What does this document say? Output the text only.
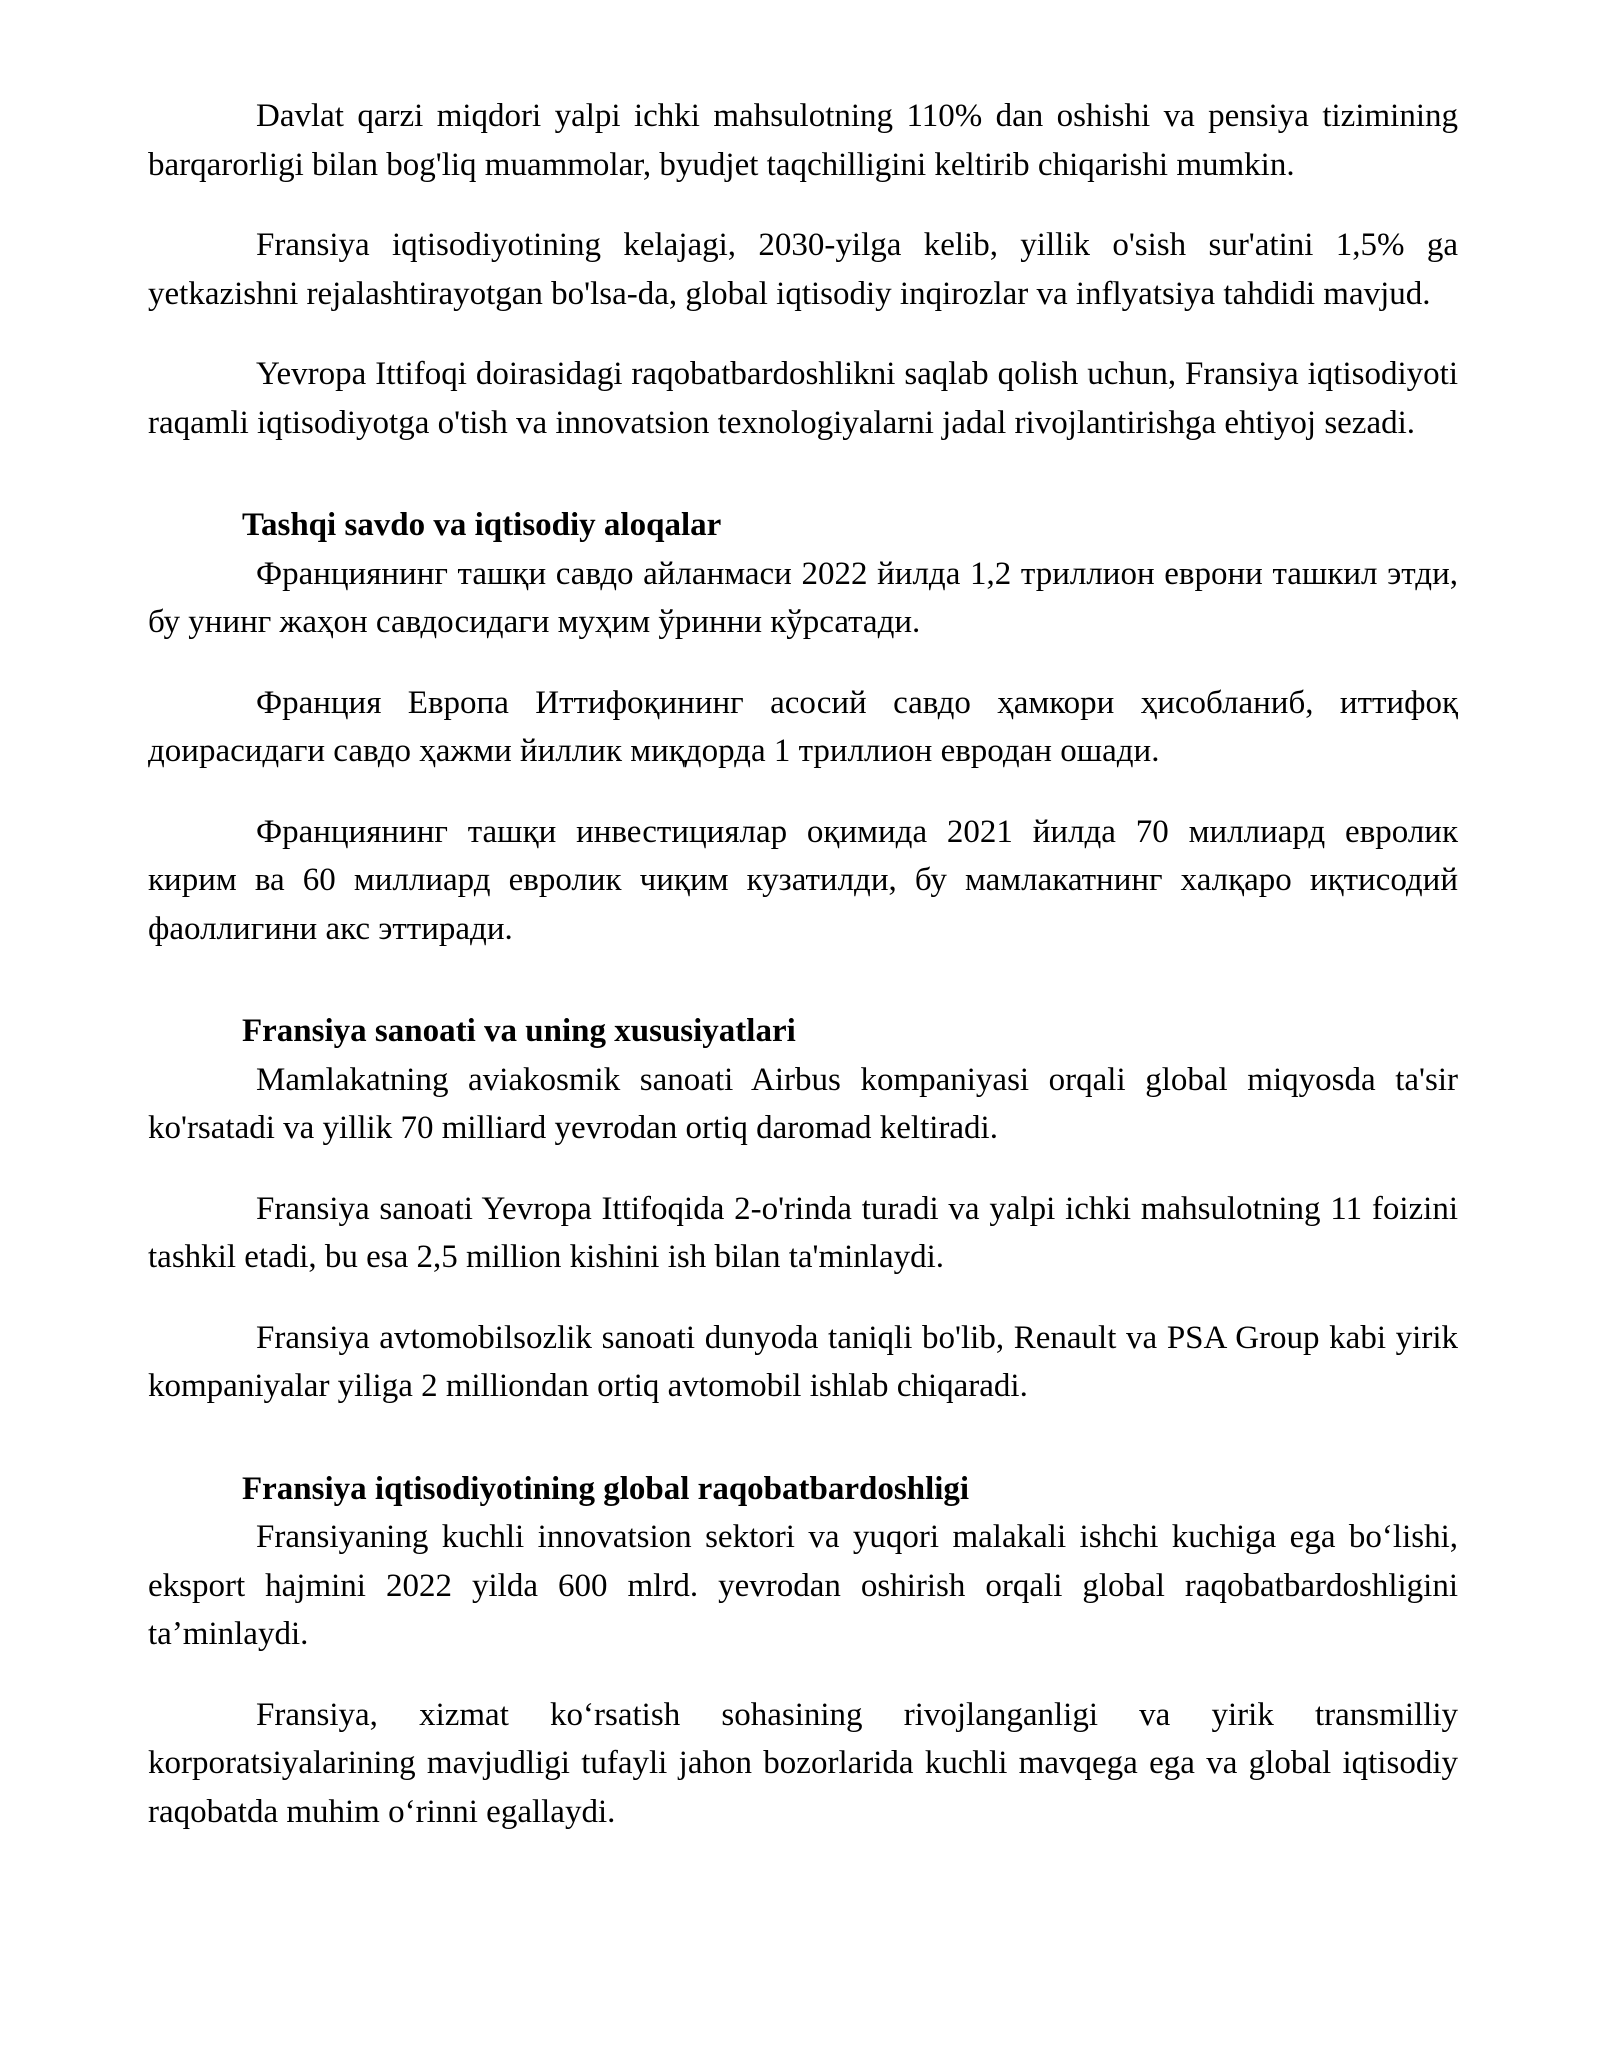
Davlat qarzi miqdori yalpi ichki mahsulotning 110% dan oshishi va pensiya tizimining barqarorligi bilan bog'liq muammolar, byudjet taqchilligini keltirib chiqarishi mumkin.

Fransiya iqtisodiyotining kelajagi, 2030-yilga kelib, yillik o'sish sur'atini 1,5% ga yetkazishni rejalashtirayotgan bo'lsa-da, global iqtisodiy inqirozlar va inflyatsiya tahdidi mavjud.

Yevropa Ittifoqi doirasidagi raqobatbardoshlikni saqlab qolish uchun, Fransiya iqtisodiyoti raqamli iqtisodiyotga o'tish va innovatsion texnologiyalarni jadal rivojlantirishga ehtiyoj sezadi.

Tashqi savdo va iqtisodiy aloqalar

Франциянинг ташқи савдо айланмаси 2022 йилда 1,2 триллион еврони ташкил этди, бу унинг жаҳон савдосидаги муҳим ўринни кўрсатади.

Франция Европа Иттифоқининг асосий савдо ҳамкори ҳисобланиб, иттифоқ доирасидаги савдо ҳажми йиллик миқдорда 1 триллион евродан ошади.

Франциянинг ташқи инвестициялар оқимида 2021 йилда 70 миллиард евролик кирим ва 60 миллиард евролик чиқим кузатилди, бу мамлакатнинг халқаро иқтисодий фаоллигини акс эттиради.

Fransiya sanoati va uning xususiyatlari

Mamlakatning aviakosmik sanoati Airbus kompaniyasi orqali global miqyosda ta'sir ko'rsatadi va yillik 70 milliard yevrodan ortiq daromad keltiradi.

Fransiya sanoati Yevropa Ittifoqida 2-o'rinda turadi va yalpi ichki mahsulotning 11 foizini tashkil etadi, bu esa 2,5 million kishini ish bilan ta'minlaydi.

Fransiya avtomobilsozlik sanoati dunyoda taniqli bo'lib, Renault va PSA Group kabi yirik kompaniyalar yiliga 2 milliondan ortiq avtomobil ishlab chiqaradi.

Fransiya iqtisodiyotining global raqobatbardoshligi

Fransiyaning kuchli innovatsion sektori va yuqori malakali ishchi kuchiga ega boʻlishi, eksport hajmini 2022 yilda 600 mlrd. yevrodan oshirish orqali global raqobatbardoshligini taʼminlaydi.

Fransiya, xizmat koʻrsatish sohasining rivojlanganligi va yirik transmilliy korporatsiyalarining mavjudligi tufayli jahon bozorlarida kuchli mavqega ega va global iqtisodiy raqobatda muhim oʻrinni egallaydi.
